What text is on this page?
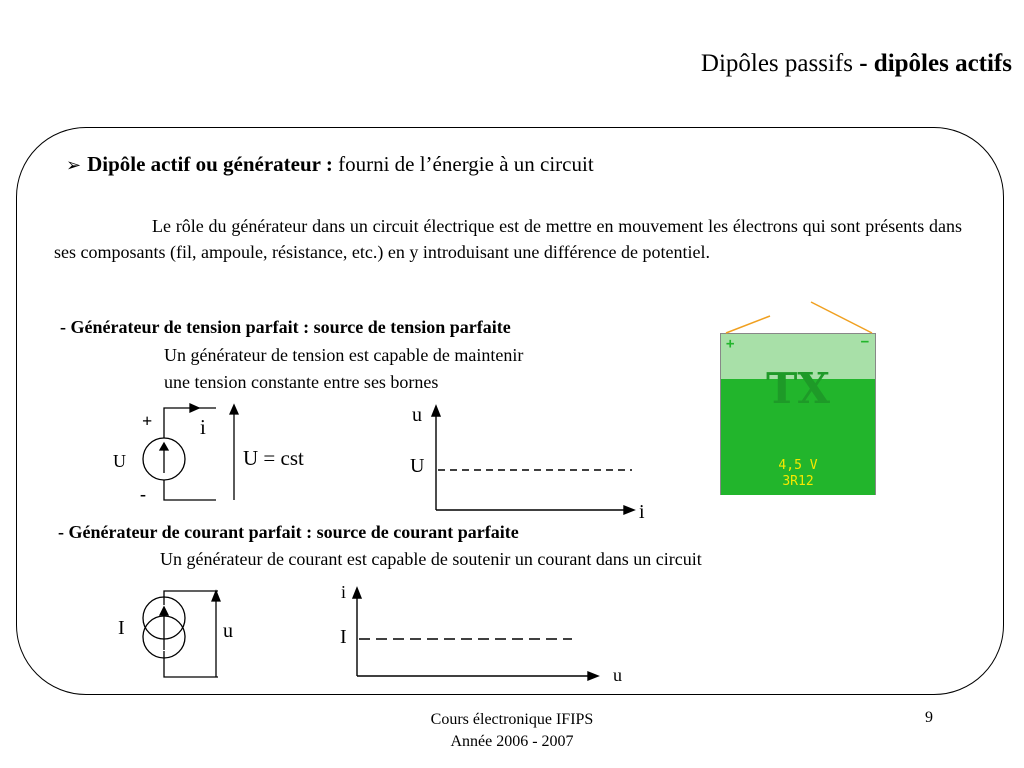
Dipôles passifs - dipôles actifs
➢ Dipôle actif ou générateur : fourni de l’énergie à un circuit
Le rôle du générateur dans un circuit électrique est de mettre en mouvement les électrons qui sont présents dans ses composants (fil, ampoule, résistance, etc.) en y introduisant une différence de potentiel.
- Générateur de tension parfait : source de tension parfaite
Un générateur de tension est capable de maintenir
une tension constante entre ses bornes
+ i
U
-
U = cst
u
U
i
- Générateur de courant parfait : source de courant parfaite
Un générateur de courant est capable de soutenir un courant dans un circuit
I	u
i
I
u
+	−
TX
4,5 V
3R12
Cours électronique IFIPS
Année 2006 - 2007
9
